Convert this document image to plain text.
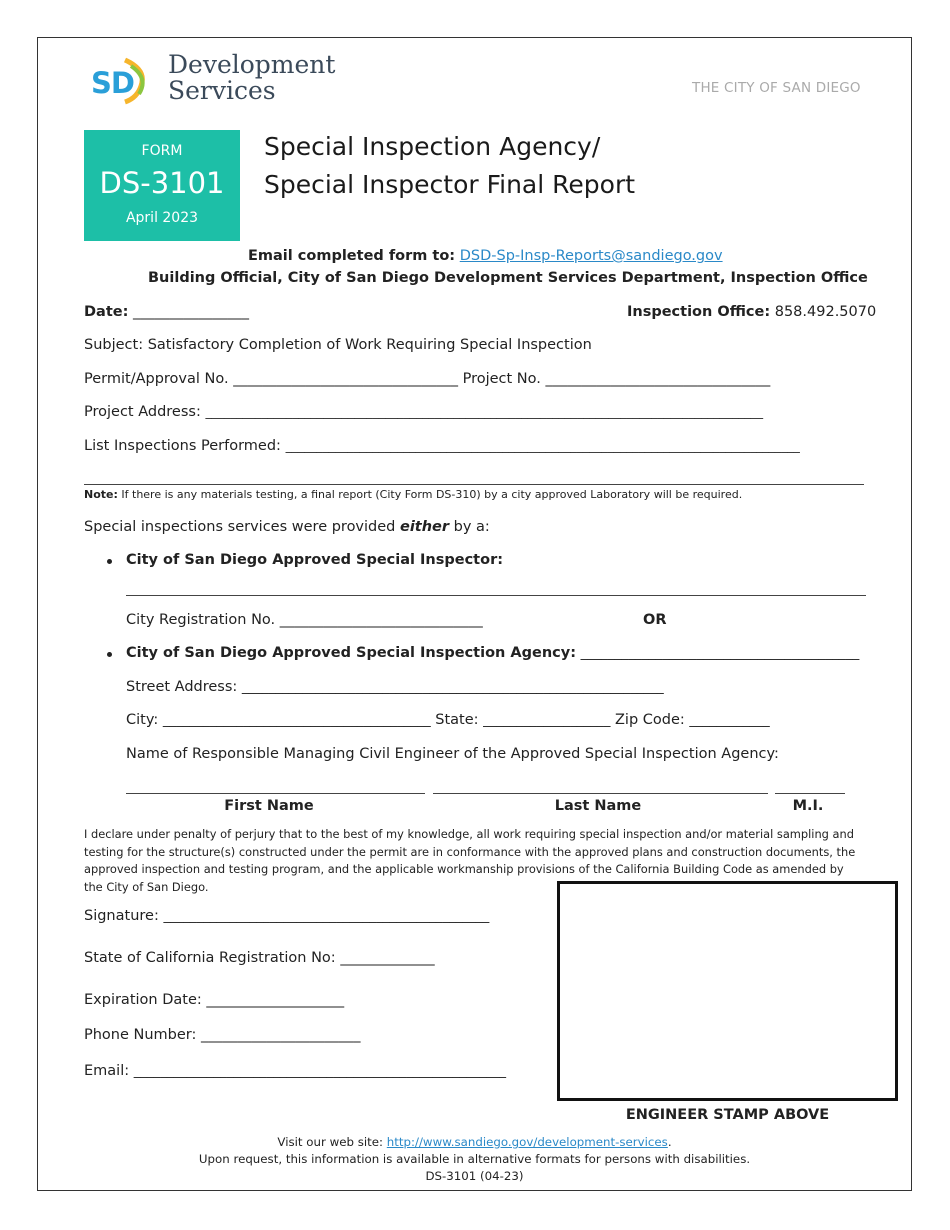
SD
Development
Services	THE CITY OF SAN DIEGO
FORM
DS-3101
April 2023
Special Inspection Agency/
Special Inspector Final Report
Email completed form to: DSD-Sp-Insp-Reports@sandiego.gov
Building Official, City of San Diego Development Services Department, Inspection Office
Date: ________________	Inspection Office: 858.492.5070
Subject: Satisfactory Completion of Work Requiring Special Inspection
Permit/Approval No. _______________________________ Project No. _______________________________
Project Address: __________________________________________________________________________________________
List Inspections Performed: ___________________________________________________________________________________
Note: If there is any materials testing, a final report (City Form DS-310) by a city approved Laboratory will be required.
Special inspections services were provided either by a:
City of San Diego Approved Special Inspector:
City Registration No. ____________________________	OR
City of San Diego Approved Special Inspection Agency: _________________________________________
Street Address: _______________________________________________________________
City: ________________________________________ State: ___________________ Zip Code: ____________
Name of Responsible Managing Civil Engineer of the Approved Special Inspection Agency:
First Name	Last Name	M.I.
I declare under penalty of perjury that to the best of my knowledge, all work requiring special inspection and/or material sampling and testing for the structure(s) constructed under the permit are in conformance with the approved plans and construction documents, the approved inspection and testing program, and the applicable workmanship provisions of the California Building Code as amended by the City of San Diego.
Signature: _________________________________________________
State of California Registration No: _____________
Expiration Date: ___________________
Phone Number: ______________________
Email: ________________________________________________________
ENGINEER STAMP ABOVE
Visit our web site: http://www.sandiego.gov/development-services.
Upon request, this information is available in alternative formats for persons with disabilities.
DS-3101 (04-23)
